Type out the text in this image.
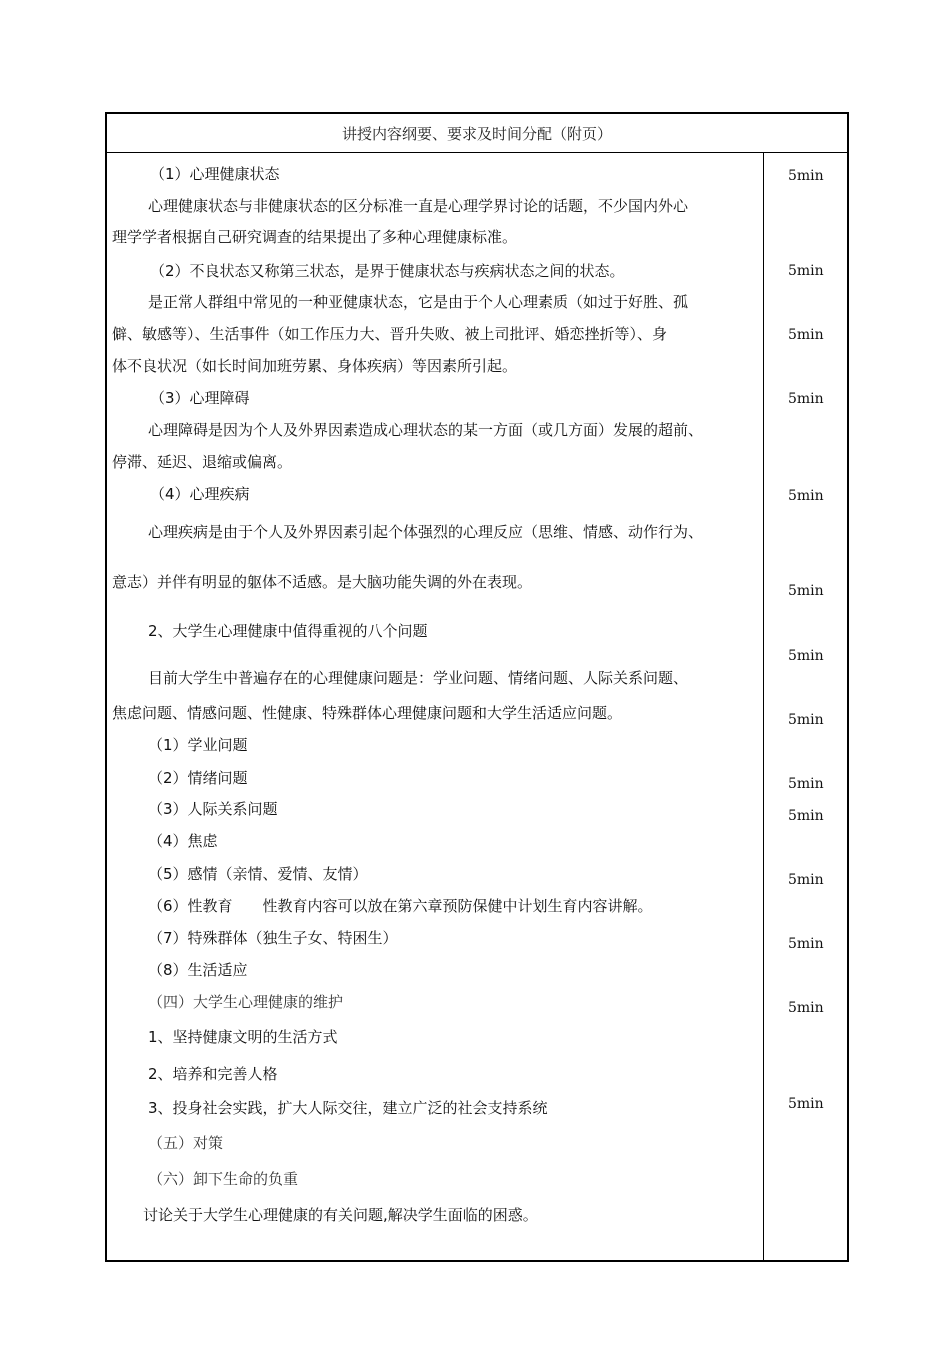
讲授内容纲要、要求及时间分配（附页）
（1）心理健康状态
心理健康状态与非健康状态的区分标准一直是心理学界讨论的话题，不少国内外心
理学学者根据自己研究调查的结果提出了多种心理健康标准。
（2）不良状态又称第三状态，是界于健康状态与疾病状态之间的状态。
是正常人群组中常见的一种亚健康状态，它是由于个人心理素质（如过于好胜、孤
僻、敏感等）、生活事件（如工作压力大、晋升失败、被上司批评、婚恋挫折等）、身
体不良状况（如长时间加班劳累、身体疾病）等因素所引起。
（3）心理障碍
心理障碍是因为个人及外界因素造成心理状态的某一方面（或几方面）发展的超前、
停滞、延迟、退缩或偏离。
（4）心理疾病
心理疾病是由于个人及外界因素引起个体强烈的心理反应（思维、情感、动作行为、
意志）并伴有明显的躯体不适感。是大脑功能失调的外在表现。
2、大学生心理健康中值得重视的八个问题
目前大学生中普遍存在的心理健康问题是：学业问题、情绪问题、人际关系问题、
焦虑问题、情感问题、性健康、特殊群体心理健康问题和大学生活适应问题。
（1）学业问题
（2）情绪问题
（3）人际关系问题
（4）焦虑
（5）感情（亲情、爱情、友情）
（6）性教育　　性教育内容可以放在第六章预防保健中计划生育内容讲解。
（7）特殊群体（独生子女、特困生）
（8）生活适应
（四）大学生心理健康的维护
1、坚持健康文明的生活方式
2、培养和完善人格
3、投身社会实践，扩大人际交往，建立广泛的社会支持系统
（五）对策
（六）卸下生命的负重
讨论关于大学生心理健康的有关问题,解决学生面临的困惑。
5min
5min
5min
5min
5min
5min
5min
5min
5min
5min
5min
5min
5min
5min
